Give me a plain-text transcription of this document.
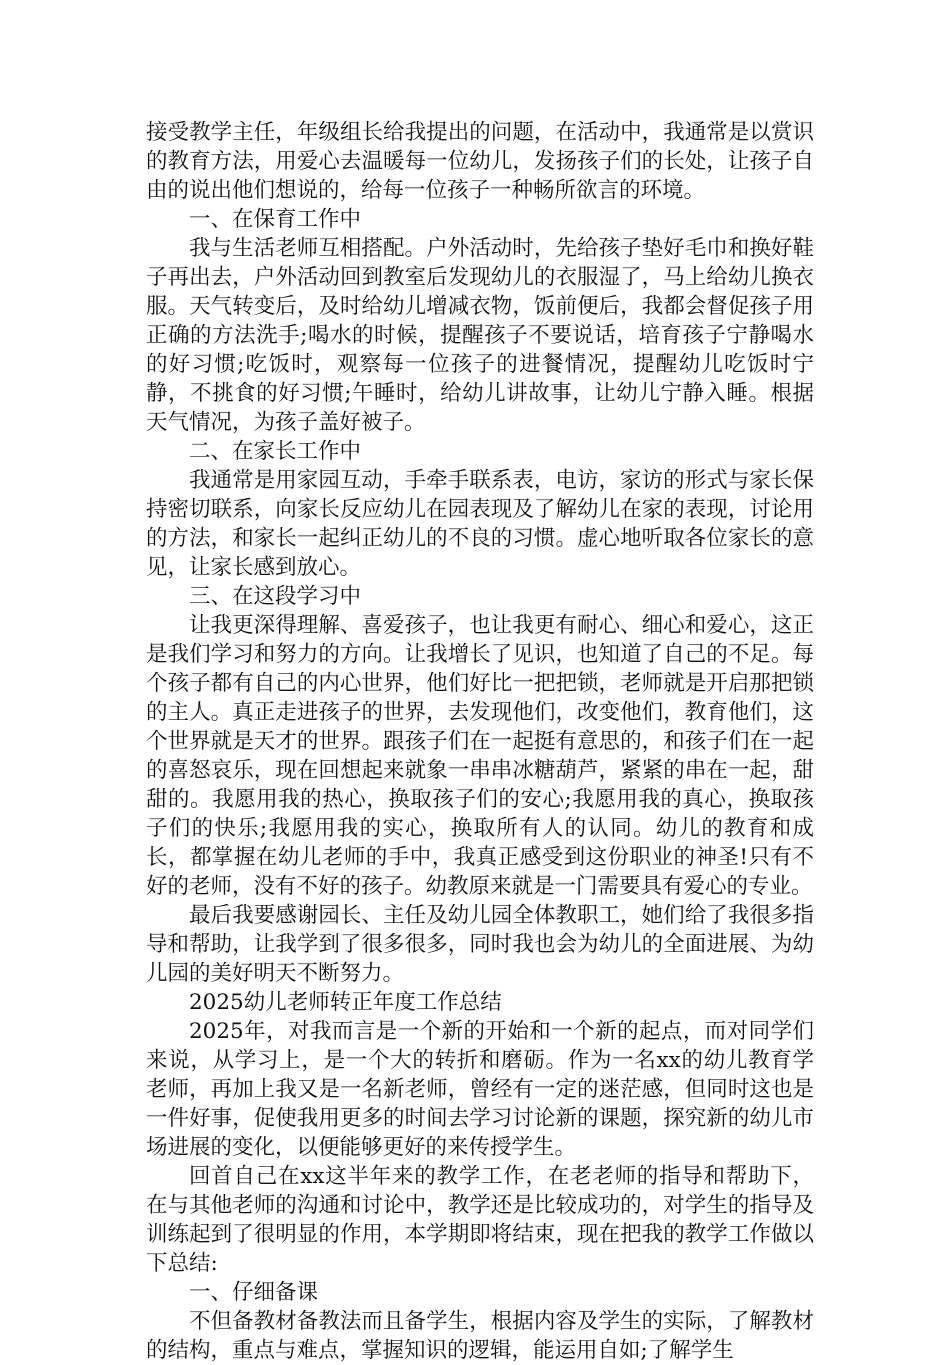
接受教学主任，年级组长给我提出的问题，在活动中，我通常是以赏识的教育方法，用爱心去温暖每一位幼儿，发扬孩子们的长处，让孩子自由的说出他们想说的，给每一位孩子一种畅所欲言的环境。

一、在保育工作中

我与生活老师互相搭配。户外活动时，先给孩子垫好毛巾和换好鞋子再出去，户外活动回到教室后发现幼儿的衣服湿了，马上给幼儿换衣服。天气转变后，及时给幼儿增减衣物，饭前便后，我都会督促孩子用正确的方法洗手;喝水的时候，提醒孩子不要说话，培育孩子宁静喝水的好习惯;吃饭时，观察每一位孩子的进餐情况，提醒幼儿吃饭时宁静，不挑食的好习惯;午睡时，给幼儿讲故事，让幼儿宁静入睡。根据天气情况，为孩子盖好被子。

二、在家长工作中

我通常是用家园互动，手牵手联系表，电访，家访的形式与家长保持密切联系，向家长反应幼儿在园表现及了解幼儿在家的表现，讨论用的方法，和家长一起纠正幼儿的不良的习惯。虚心地听取各位家长的意见，让家长感到放心。

三、在这段学习中

让我更深得理解、喜爱孩子，也让我更有耐心、细心和爱心，这正是我们学习和努力的方向。让我增长了见识，也知道了自己的不足。每个孩子都有自己的内心世界，他们好比一把把锁，老师就是开启那把锁的主人。真正走进孩子的世界，去发现他们，改变他们，教育他们，这个世界就是天才的世界。跟孩子们在一起挺有意思的，和孩子们在一起的喜怒哀乐，现在回想起来就象一串串冰糖葫芦，紧紧的串在一起，甜甜的。我愿用我的热心，换取孩子们的安心;我愿用我的真心，换取孩子们的快乐;我愿用我的实心，换取所有人的认同。幼儿的教育和成长，都掌握在幼儿老师的手中，我真正感受到这份职业的神圣!只有不好的老师，没有不好的孩子。幼教原来就是一门需要具有爱心的专业。

最后我要感谢园长、主任及幼儿园全体教职工，她们给了我很多指导和帮助，让我学到了很多很多，同时我也会为幼儿的全面进展、为幼儿园的美好明天不断努力。

2025幼儿老师转正年度工作总结

2025年，对我而言是一个新的开始和一个新的起点，而对同学们来说，从学习上，是一个大的转折和磨砺。作为一名xx的幼儿教育学老师，再加上我又是一名新老师，曾经有一定的迷茫感，但同时这也是一件好事，促使我用更多的时间去学习讨论新的课题，探究新的幼儿市场进展的变化，以便能够更好的来传授学生。

回首自己在xx这半年来的教学工作，在老老师的指导和帮助下，在与其他老师的沟通和讨论中，教学还是比较成功的，对学生的指导及训练起到了很明显的作用，本学期即将结束，现在把我的教学工作做以下总结:

一、仔细备课

不但备教材备教法而且备学生，根据内容及学生的实际，了解教材的结构，重点与难点，掌握知识的逻辑，能运用自如;了解学生
